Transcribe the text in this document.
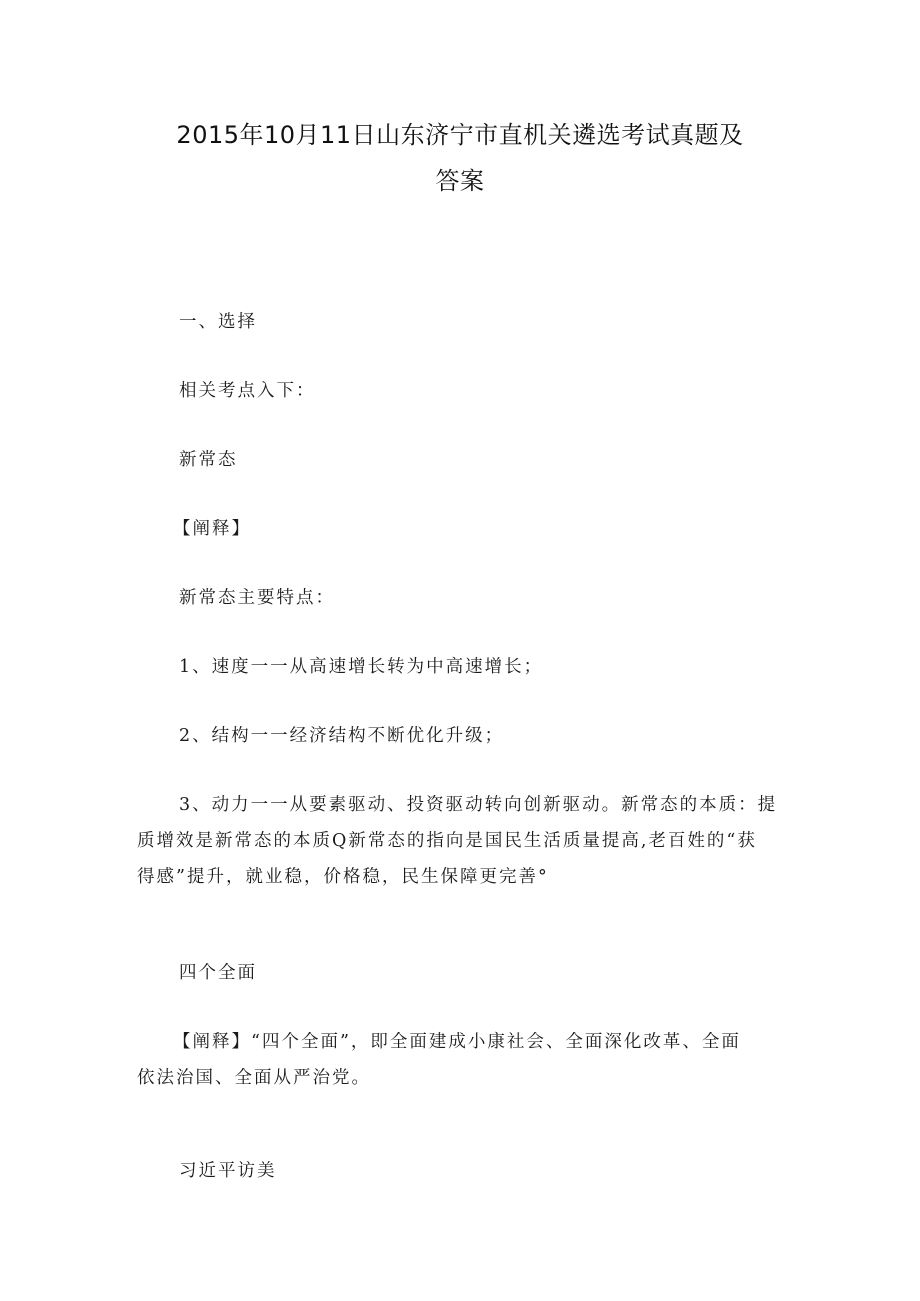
2015年10月11日山东济宁市直机关遴选考试真题及
答案
一、选择
相关考点入下：
新常态
【阐释】
新常态主要特点：
1、速度一一从高速增长转为中高速增长；
2、结构一一经济结构不断优化升级；
3、动力一一从要素驱动、投资驱动转向创新驱动。新常态的本质：提
质增效是新常态的本质Q新常态的指向是国民生活质量提高,老百姓的“获
得感”提升，就业稳，价格稳，民生保障更完善°
四个全面
【阐释】“四个全面”，即全面建成小康社会、全面深化改革、全面
依法治国、全面从严治党。
习近平访美
